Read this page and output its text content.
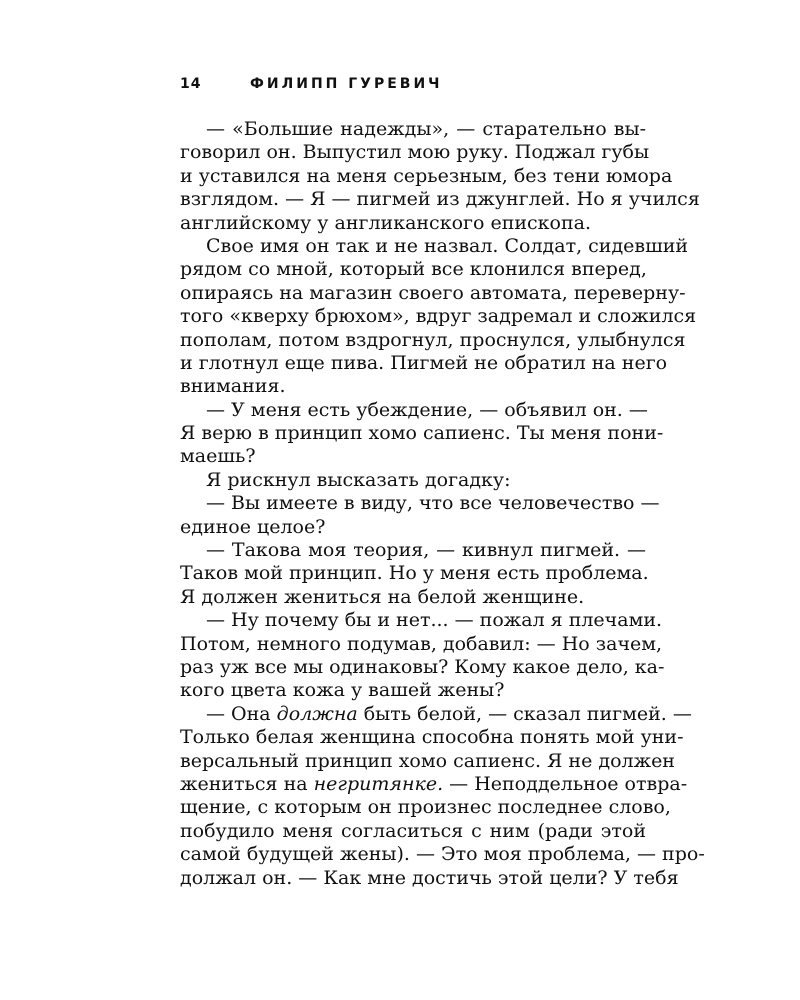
14	ФИЛИПП ГУРЕВИЧ
— «Большие надежды», — старательно вы-
говорил он. Выпустил мою руку. Поджал губы
и уставился на меня серьезным, без тени юмора
взглядом. — Я — пигмей из джунглей. Но я учился
английскому у англиканского епископа.
Свое имя он так и не назвал. Солдат, сидевший
рядом со мной, который все клонился вперед,
опираясь на магазин своего автомата, переверну-
того «кверху брюхом», вдруг задремал и сложился
пополам, потом вздрогнул, проснулся, улыбнулся
и глотнул еще пива. Пигмей не обратил на него
внимания.
— У меня есть убеждение, — объявил он. —
Я верю в принцип хомо сапиенс. Ты меня пони-
маешь?
Я рискнул высказать догадку:
— Вы имеете в виду, что все человечество —
единое целое?
— Такова моя теория, — кивнул пигмей. —
Таков мой принцип. Но у меня есть проблема.
Я должен жениться на белой женщине.
— Ну почему бы и нет... — пожал я плечами.
Потом, немного подумав, добавил: — Но зачем,
раз уж все мы одинаковы? Кому какое дело, ка-
кого цвета кожа у вашей жены?
— Она должна быть белой, — сказал пигмей. —
Только белая женщина способна понять мой уни-
версальный принцип хомо сапиенс. Я не должен
жениться на негритянке. — Неподдельное отвра-
щение, с которым он произнес последнее слово,
побудило меня согласиться с ним (ради этой
самой будущей жены). — Это моя проблема, — про-
должал он. — Как мне достичь этой цели? У тебя
